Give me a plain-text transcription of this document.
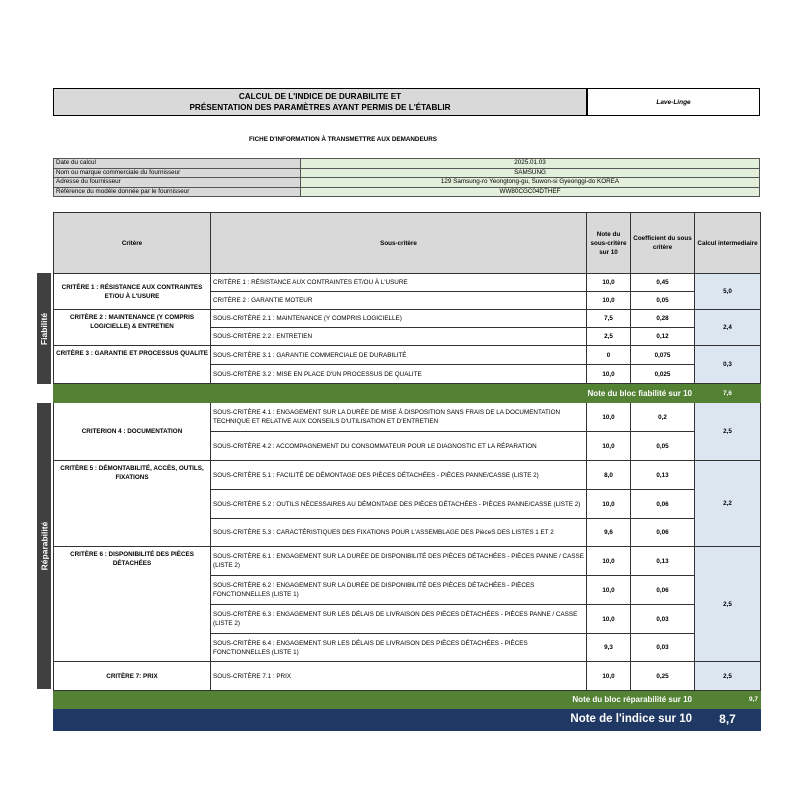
CALCUL DE L'INDICE DE DURABILITE ET
PRÉSENTATION DES PARAMÈTRES AYANT PERMIS DE L'ÉTABLIR
Lave-Linge
FICHE D'INFORMATION À TRANSMETTRE AUX DEMANDEURS
Date du calcul	2025.01.03
Nom ou marque commerciale du fournisseur	SAMSUNG
Adresse du fournisseur	129 Samsung-ro Yeongtong-gu, Suwon-si Gyeonggi-do KOREA
Référence du modèle donnée par le fournisseur	WW80CGC04DTHEF
Fiabilité
Réparabilité
Critère	Sous-critère	Note du sous-critère sur 10	Coefficient du sous critère	Calcul intermediaire
CRITÈRE 1 : RÉSISTANCE AUX CONTRAINTES ET/OU À L'USURE	CRITÈRE 1 : RÉSISTANCE AUX CONTRAINTES ET/OU À L'USURE	10,0	0,45	5,0
	CRITÈRE 2 : GARANTIE MOTEUR	10,0	0,05	
CRITÈRE 2 : MAINTENANCE (Y COMPRIS LOGICIELLE) & ENTRETIEN	SOUS-CRITÈRE 2.1 : MAINTENANCE (Y COMPRIS LOGICIELLE)	7,5	0,28	2,4
	SOUS-CRITÈRE 2.2 : ENTRETIEN	2,5	0,12	
CRITÈRE 3 : GARANTIE ET PROCESSUS QUALITE	SOUS-CRITÈRE 3.1 : GARANTIE COMMERCIALE DE DURABILITÉ	0	0,075	0,3
	SOUS-CRITÈRE 3.2 : MISE EN PLACE D'UN PROCESSUS DE QUALITE	10,0	0,025	
Note du bloc fiabilité sur 10				7,6
CRITERION 4 : DOCUMENTATION	SOUS-CRITÈRE 4.1 : ENGAGEMENT SUR LA DURÉE DE MISE À DISPOSITION SANS FRAIS DE LA DOCUMENTATION TECHNIQUE ET RELATIVE AUX CONSEILS D'UTILISATION ET D'ENTRETIEN	10,0	0,2	2,5
	SOUS-CRITÈRE 4.2 : ACCOMPAGNEMENT DU CONSOMMATEUR POUR LE DIAGNOSTIC ET LA RÉPARATION	10,0	0,05	
CRITÈRE 5 : DÉMONTABILITÉ, ACCÈS, OUTILS, FIXATIONS	SOUS-CRITÈRE 5.1 : FACILITÉ DE DÉMONTAGE DES PIÈCES DÉTACHÉES - PIÈCES PANNE/CASSE (LISTE 2)	8,0	0,13	2,2
	SOUS-CRITÈRE 5.2 : OUTILS NÉCESSAIRES AU DÉMONTAGE DES PIÈCES DÉTACHÉES - PIÈCES PANNE/CASSE (LISTE 2)	10,0	0,06	
	SOUS-CRITÈRE 5.3 : CARACTÉRISTIQUES DES FIXATIONS POUR L'ASSEMBLAGE DES PièceS DES LISTES 1 ET 2	9,6	0,06	
CRITÈRE 6 : DISPONIBILITÉ DES PIÈCES DÉTACHÉES	SOUS-CRITÈRE 6.1 : ENGAGEMENT SUR LA DURÉE DE DISPONIBILITÉ DES PIÈCES DÉTACHÉES - PIÈCES PANNE / CASSE (LISTE 2)	10,0	0,13	2,5
	SOUS-CRITÈRE 6.2 : ENGAGEMENT SUR LA DURÉE DE DISPONIBILITÉ DES PIÈCES DÉTACHÉES - PIÈCES FONCTIONNELLES (LISTE 1)	10,0	0,06	
	SOUS-CRITÈRE 6.3 : ENGAGEMENT SUR LES DÉLAIS DE LIVRAISON DES PIÈCES DÉTACHÉES - PIÈCES PANNE / CASSE (LISTE 2)	10,0	0,03	
	SOUS-CRITÈRE 6.4 : ENGAGEMENT SUR LES DÉLAIS DE LIVRAISON DES PIÈCES DÉTACHÉES - PIÈCES FONCTIONNELLES (LISTE 1)	9,3	0,03	
CRITÈRE 7: PRIX	SOUS-CRITÈRE 7.1 : PRIX	10,0	0,25	2,5
Note du bloc réparabilité sur 10				9,7
Note de l'indice sur 10				8,7
